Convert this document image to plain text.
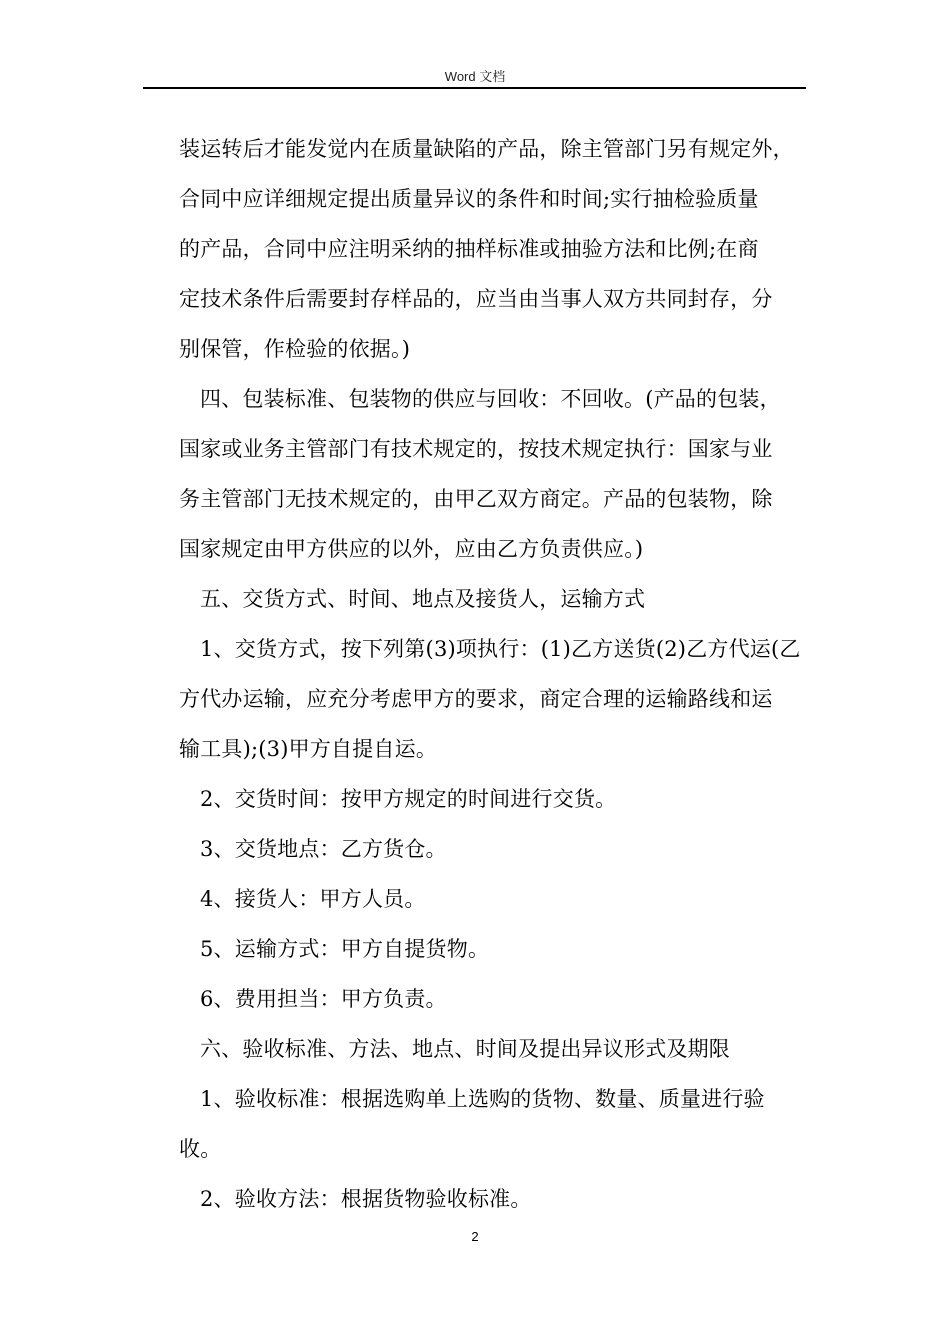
Word 文档
装运转后才能发觉内在质量缺陷的产品，除主管部门另有规定外，
合同中应详细规定提出质量异议的条件和时间;实行抽检验质量
的产品，合同中应注明采纳的抽样标准或抽验方法和比例;在商
定技术条件后需要封存样品的，应当由当事人双方共同封存，分
别保管，作检验的依据。)
四、包装标准、包装物的供应与回收：不回收。(产品的包装，
国家或业务主管部门有技术规定的，按技术规定执行：国家与业
务主管部门无技术规定的，由甲乙双方商定。产品的包装物，除
国家规定由甲方供应的以外，应由乙方负责供应。)
五、交货方式、时间、地点及接货人，运输方式
1、交货方式，按下列第(3)项执行：(1)乙方送货(2)乙方代运(乙
方代办运输，应充分考虑甲方的要求，商定合理的运输路线和运
输工具);(3)甲方自提自运。
2、交货时间：按甲方规定的时间进行交货。
3、交货地点：乙方货仓。
4、接货人：甲方人员。
5、运输方式：甲方自提货物。
6、费用担当：甲方负责。
六、验收标准、方法、地点、时间及提出异议形式及期限
1、验收标准：根据选购单上选购的货物、数量、质量进行验
收。
2、验收方法：根据货物验收标准。
2
